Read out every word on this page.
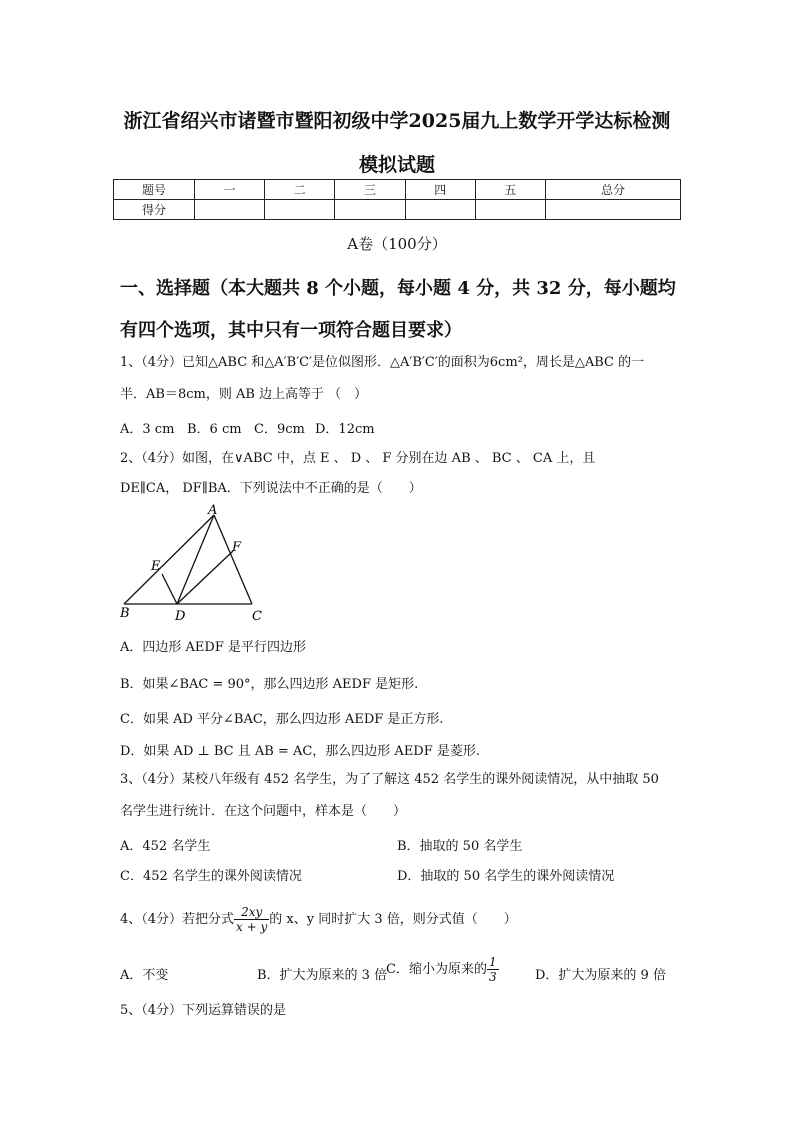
浙江省绍兴市诸暨市暨阳初级中学2025届九上数学开学达标检测
模拟试题
题号	一	二	三	四	五	总分
得分						
A卷（100分）
一、选择题（本大题共 8 个小题，每小题 4 分，共 32 分，每小题均
有四个选项，其中只有一项符合题目要求）
1、（4分）已知△ABC 和△A′B′C′是位似图形．△A′B′C′的面积为6cm²，周长是△ABC 的一
半．AB＝8cm，则 AB 边上高等于 （　）
A．3 cm B．6 cm C．9cm D．12cm
2、（4分）如图，在∨ABC 中，点 E 、 D 、 F 分别在边 AB 、 BC 、 CA 上，且
DE∥CA， DF∥BA．下列说法中不正确的是（　　）
A
F
E
B	D	C
A．四边形 AEDF 是平行四边形
B．如果∠BAC = 90°，那么四边形 AEDF 是矩形.
C．如果 AD 平分∠BAC，那么四边形 AEDF 是正方形.
D．如果 AD ⊥ BC 且 AB = AC，那么四边形 AEDF 是菱形.
3、（4分）某校八年级有 452 名学生，为了了解这 452 名学生的课外阅读情况，从中抽取 50
名学生进行统计．在这个问题中，样本是（　　）
A．452 名学生	B．抽取的 50 名学生
C．452 名学生的课外阅读情况	D．抽取的 50 名学生的课外阅读情况
4、（4分）若把分式 $\frac{2xy}{x + y}$ 的 x、y 同时扩大 3 倍，则分式值（　　）
A．不变	B．扩大为原来的 3 倍
C．缩小为原来的 $\frac{1}{3}$	D．扩大为原来的 9 倍
5、（4分）下列运算错误的是
